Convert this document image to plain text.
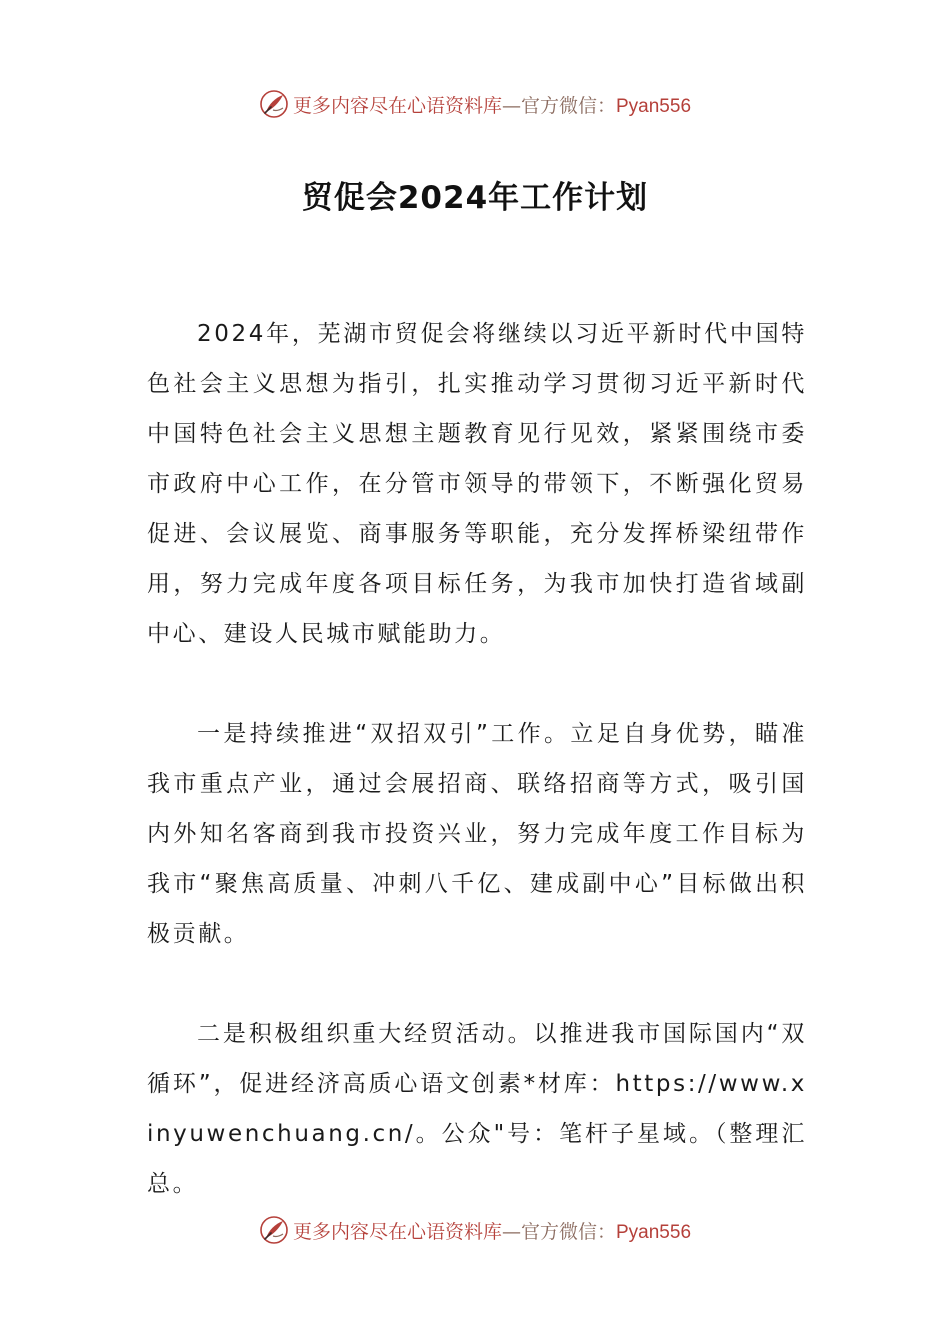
更多内容尽在心语资料库—官方微信：Pyan556
贸促会2024年工作计划

2024年，芜湖市贸促会将继续以习近平新时代中国特色社会主义思想为指引，扎实推动学习贯彻习近平新时代中国特色社会主义思想主题教育见行见效，紧紧围绕市委市政府中心工作，在分管市领导的带领下，不断强化贸易促进、会议展览、商事服务等职能，充分发挥桥梁纽带作用，努力完成年度各项目标任务，为我市加快打造省域副中心、建设人民城市赋能助力。

一是持续推进“双招双引”工作。立足自身优势，瞄准我市重点产业，通过会展招商、联络招商等方式，吸引国内外知名客商到我市投资兴业，努力完成年度工作目标为我市“聚焦高质量、冲刺八千亿、建成副中心”目标做出积极贡献。

二是积极组织重大经贸活动。以推进我市国际国内“双循环”，促进经济高质心语文创素*材库：https://www.xinyuwenchuang.cn/。公众"号：笔杆子星域。（整理汇总。

更多内容尽在心语资料库—官方微信：Pyan556
